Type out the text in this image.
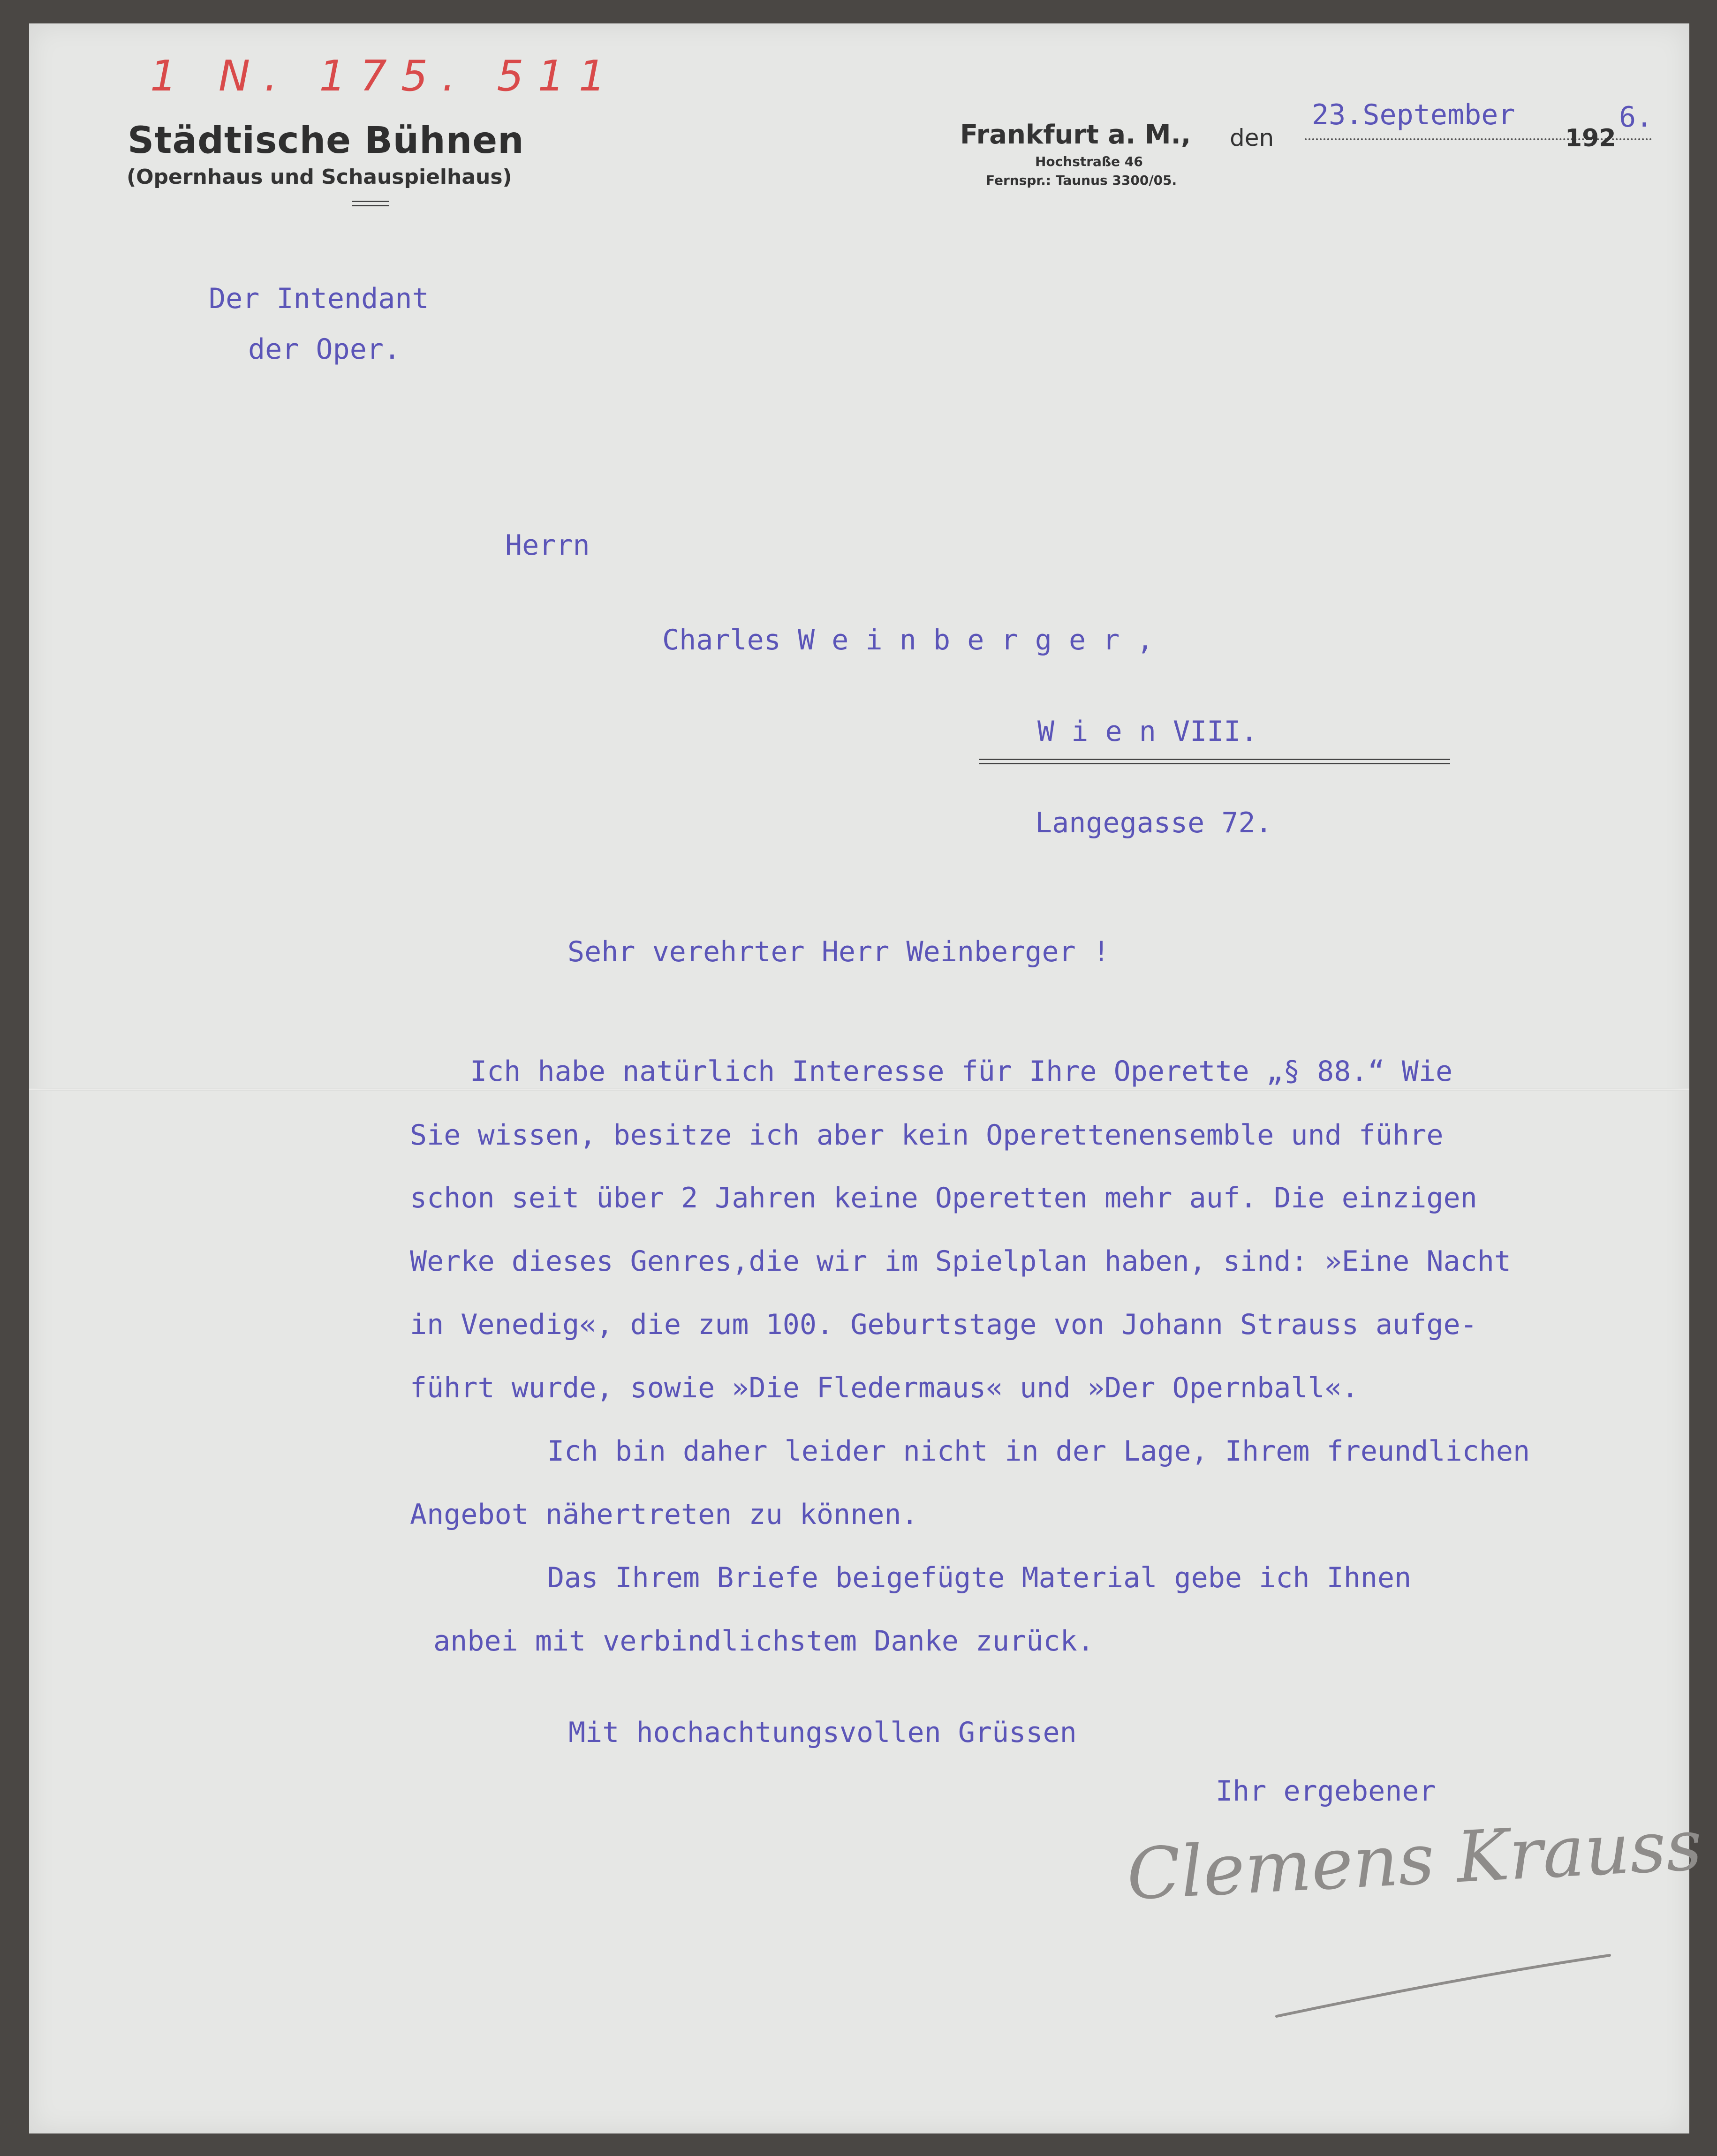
1 N. 175. 511
Städtische Bühnen
(Opernhaus und Schauspielhaus)
Frankfurt a. M., den
23.September
192
6.
Hochstraße 46
Fernspr.: Taunus 3300/05.
Der Intendant
der Oper.
Herrn
Charles W e i n b e r g e r ,
W i e n VIII.
Langegasse 72.
Sehr verehrter Herr Weinberger !
Ich habe natürlich Interesse für Ihre Operette „§ 88.“ Wie
Sie wissen, besitze ich aber kein Operettenensemble und führe
schon seit über 2 Jahren keine Operetten mehr auf. Die einzigen
Werke dieses Genres,die wir im Spielplan haben, sind: »Eine Nacht
in Venedig«, die zum 100. Geburtstage von Johann Strauss aufge-
führt wurde, sowie »Die Fledermaus« und »Der Opernball«.
Ich bin daher leider nicht in der Lage, Ihrem freundlichen
Angebot nähertreten zu können.
Das Ihrem Briefe beigefügte Material gebe ich Ihnen
anbei mit verbindlichstem Danke zurück.
Mit hochachtungsvollen Grüssen
Ihr ergebener
Clemens Krauss
